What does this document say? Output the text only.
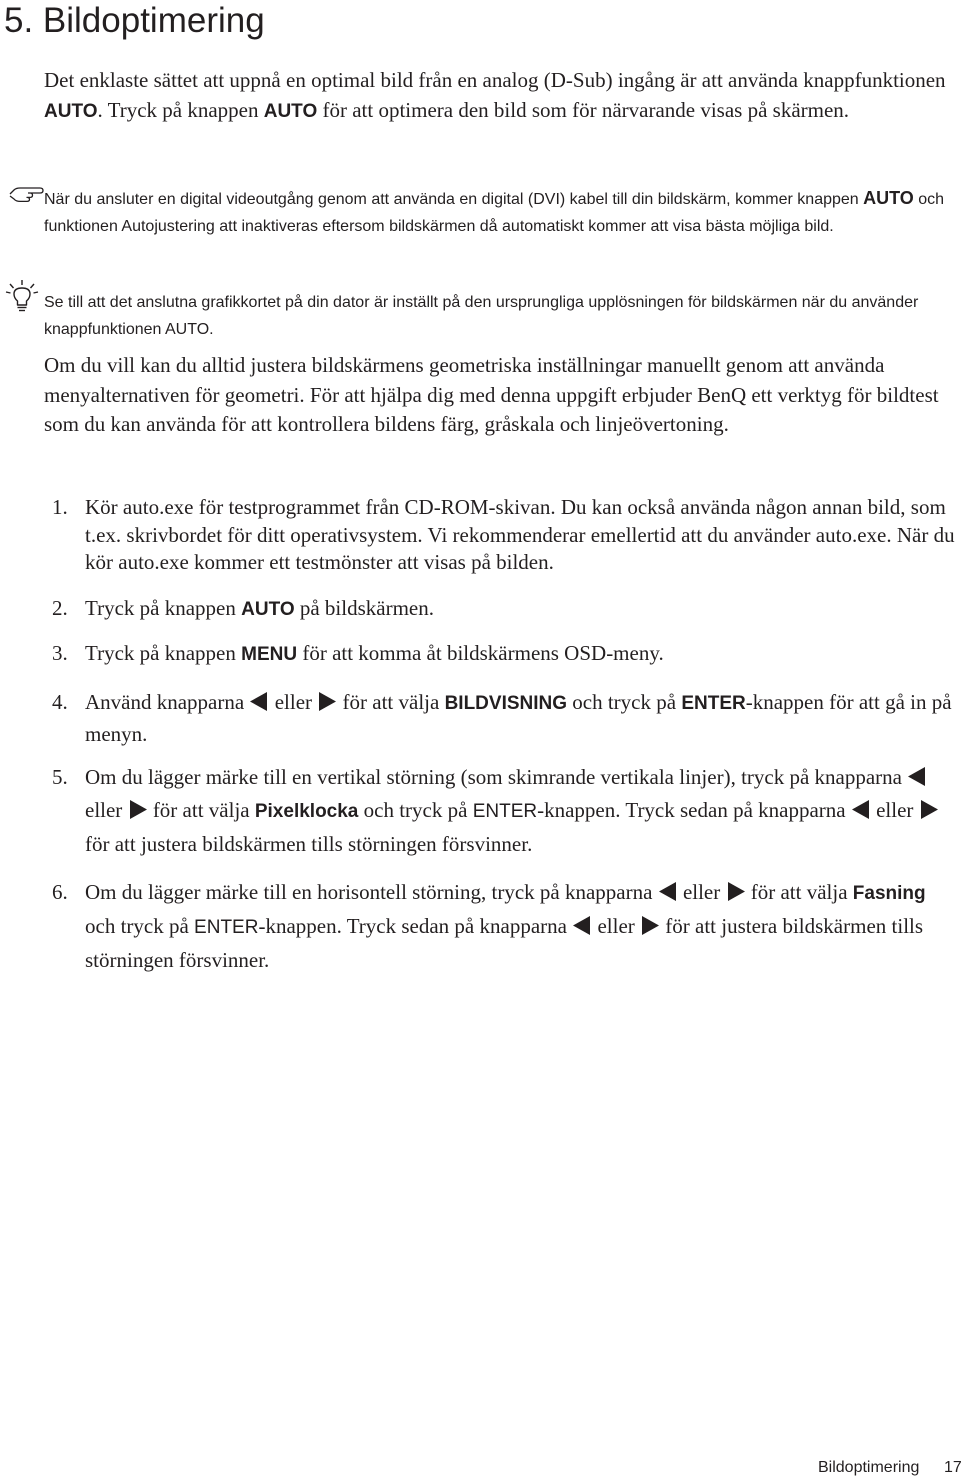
5. Bildoptimering

Det enklaste sättet att uppnå en optimal bild från en analog (D-Sub) ingång är att använda knappfunktionen AUTO. Tryck på knappen AUTO för att optimera den bild som för närvarande visas på skärmen.

När du ansluter en digital videoutgång genom att använda en digital (DVI) kabel till din bildskärm, kommer knappen AUTO och funktionen Autojustering att inaktiveras eftersom bildskärmen då automatiskt kommer att visa bästa möjliga bild.

Se till att det anslutna grafikkortet på din dator är inställt på den ursprungliga upplösningen för bildskärmen när du använder knappfunktionen AUTO.

Om du vill kan du alltid justera bildskärmens geometriska inställningar manuellt genom att använda menyalternativen för geometri. För att hjälpa dig med denna uppgift erbjuder BenQ ett verktyg för bildtest som du kan använda för att kontrollera bildens färg, gråskala och linjeövertoning.

1. Kör auto.exe för testprogrammet från CD-ROM-skivan. Du kan också använda någon annan bild, som t.ex. skrivbordet för ditt operativsystem. Vi rekommenderar emellertid att du använder auto.exe. När du kör auto.exe kommer ett testmönster att visas på bilden.
2. Tryck på knappen AUTO på bildskärmen.
3. Tryck på knappen MENU för att komma åt bildskärmens OSD-meny.
4. Använd knapparna  eller  för att välja BILDVISNING och tryck på ENTER-knappen för att gå in på menyn.
5. Om du lägger märke till en vertikal störning (som skimrande vertikala linjer), tryck på knapparna  eller  för att välja Pixelklocka och tryck på ENTER-knappen. Tryck sedan på knapparna  eller  för att justera bildskärmen tills störningen försvinner.
6. Om du lägger märke till en horisontell störning, tryck på knapparna  eller  för att välja Fasning och tryck på ENTER-knappen. Tryck sedan på knapparna  eller  för att justera bildskärmen tills störningen försvinner.
Bildoptimering 17
